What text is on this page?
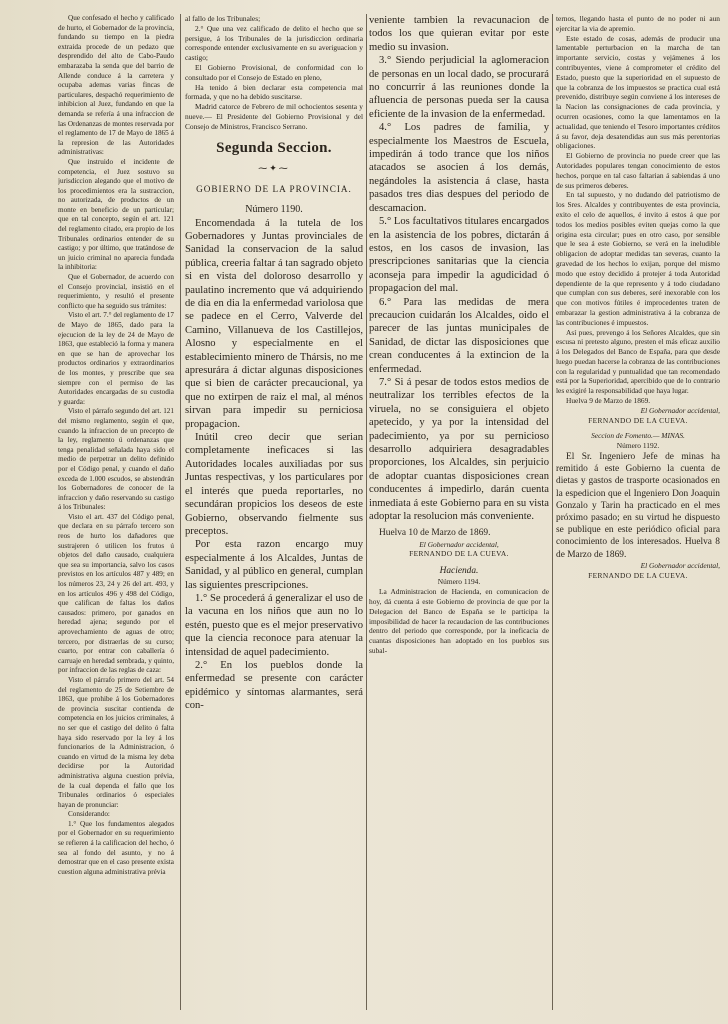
Que confesado el hecho y calificado de hurto, el Gobernador de la provincia, fundando su tiempo en la piedra extraida procede de un pedazo que desprendido del alto de Cabo-Paudo embarazaba la senda que del barrio de Allende conduce á la carretera y ocupaba ademas varias fincas de particulares, despachó requerimiento de inhibicion al Juez, fundando en que la demanda se refería á una infraccion de las Ordenanzas de montes reservada por el reglamento de 17 de Mayo de 1865 á la represion de las Autoridades administrativas:

Que instruido el incidente de competencia, el Juez sostuvo su jurisdiccion alegando que el motivo de los procedimientos era la sustraccion, no autorizada, de productos de un monte en beneficio de un particular; que en tal concepto, según el art. 121 del reglamento citado, era propio de los Tribunales ordinarios entender de su castigo; y por último, que tratándose de un juicio criminal no aparecia fundada la inhibitoria:

Que el Gobernador, de acuerdo con el Consejo provincial, insistió en el requerimiento, y resultó el presente conflicto que ha seguido sus trámites:

Visto el art. 7.° del reglamento de 17 de Mayo de 1865, dado para la ejecucion de la ley de 24 de Mayo de 1863, que estableció la forma y manera en que se han de aprovechar los productos ordinarios y extraordinarios de los montes, y prescribe que sea siempre con el permiso de las Autoridades encargadas de su custodia y guarda:

Visto el párrafo segundo del art. 121 del mismo reglamento, según el que, cuando la infraccion de un precepto de la ley, reglamento ú ordenanzas que tenga penalidad señalada haya sido el medio de perpetrar un delito definido por el Código penal, y cuando el daño exceda de 1.000 escudos, se abstendrán los Gobernadores de conocer de la infraccion y daño reservando su castigo á los Tribunales:

Visto el art. 437 del Código penal, que declara en su párrafo tercero son reos de hurto los dañadores que sustrajeren ó utilicen los frutos ú objetos del daño causado, cualquiera que sea su importancia, salvo los casos previstos en los artículos 487 y 489; en los números 23, 24 y 26 del art. 493, y en los artículos 496 y 498 del Código, que califican de faltas los daños causados: primero, por ganados en heredad ajena; segundo por el aprovechamiento de aguas de otro; tercero, por distraerlas de su curso; cuarto, por entrar con caballería ó carruaje en heredad sembrada, y quinto, por infraccion de las reglas de caza:

Visto el párrafo primero del art. 54 del reglamento de 25 de Setiembre de 1863, que prohibe á los Gobernadores de provincia suscitar contienda de competencia en los juicios criminales, á no ser que el castigo del delito ó falta haya sido reservado por la ley á los funcionarios de la Administracion, ó cuando en virtud de la misma ley deba decidirse por la Autoridad administrativa alguna cuestion prévia, de la cual dependa el fallo que los Tribunales ordinarios ó especiales hayan de pronunciar:

Considerando:

1.° Que los fundamentos alegados por el Gobernador en su requerimiento se refieren á la calificacion del hecho, ó sea al fondo del asunto, y no á demostrar que en el caso presente exista cuestion alguna administrativa prévia

al fallo de los Tribunales;

2.° Que una vez calificado de delito el hecho que se persigue, á los Tribunales de la jurisdiccion ordinaria corresponde entender exclusivamente en su averiguacion y castigo;

El Gobierno Provisional, de conformidad con lo consultado por el Consejo de Estado en pleno,

Ha tenido á bien declarar esta competencia mal formada, y que no ha debido suscitarse.

Madrid catorce de Febrero de mil ochocientos sesenta y nueve.— El Presidente del Gobierno Provisional y del Consejo de Ministros, Francisco Serrano.

Segunda Seccion.
⁓✦⁓
GOBIERNO DE LA PROVINCIA.
Número 1190.

Encomendada á la tutela de los Gobernadores y Juntas provinciales de Sanidad la conservacion de la salud pública, creeria faltar á tan sagrado objeto si en vista del doloroso desarrollo y paulatino incremento que vá adquiriendo de dia en dia la enfermedad variolosa que se padece en el Cerro, Valverde del Camino, Villanueva de los Castillejos, Alosno y especialmente en el establecimiento minero de Thársis, no me apresurára á dictar algunas disposiciones que si bien de carácter precaucional, ya que no extirpen de raiz el mal, al ménos sirvan para impedir su perniciosa propagacion.

Inútil creo decir que serian completamente ineficaces si las Autoridades locales auxiliadas por sus Juntas respectivas, y los particulares por el interés que pueda reportarles, no secundáran propicios los deseos de este Gobierno, observando fielmente sus preceptos.

Por esta razon encargo muy especialmente á los Alcaldes, Juntas de Sanidad, y al público en general, cumplan las siguientes prescripciones.

1.° Se procederá á generalizar el uso de la vacuna en los niños que aun no lo estén, puesto que es el mejor preservativo que la ciencia reconoce para atenuar la intensidad de aquel padecimiento.

2.° En los pueblos donde la enfermedad se presente con carácter epidémico y síntomas alarmantes, será con-

veniente tambien la revacunacion de todos los que quieran evitar por este medio su invasion.

3.° Siendo perjudicial la aglomeracion de personas en un local dado, se procurará no concurrir á las reuniones donde la afluencia de personas pueda ser la causa eficiente de la invasion de la enfermedad.

4.° Los padres de familia, y especialmente los Maestros de Escuela, impedirán á todo trance que los niños atacados se asocien á los demás, negándoles la asistencia á clase, hasta pasados tres dias despues del periodo de descamacion.

5.° Los facultativos titulares encargados en la asistencia de los pobres, dictarán á estos, en los casos de invasion, las prescripciones sanitarias que la ciencia aconseja para impedir la agudicidad ó propagacion del mal.

6.° Para las medidas de mera precaucion cuidarán los Alcaldes, oido el parecer de las juntas municipales de Sanidad, de dictar las disposiciones que crean conducentes á la extincion de la enfermedad.

7.° Si á pesar de todos estos medios de neutralizar los terribles efectos de la viruela, no se consiguiera el objeto apetecido, y ya por la intensidad del padecimiento, ya por su pernicioso desarrollo adquiriera desagradables proporciones, los Alcaldes, sin perjuicio de adoptar cuantas disposiciones crean conducentes á impedirlo, darán cuenta inmediata á este Gobierno para en su vista adoptar la resolucion más conveniente.

Huelva 10 de Marzo de 1869.

El Gobernador accidental,

FERNANDO DE LA CUEVA.

Hacienda.

Número 1194.

La Administracion de Hacienda, en comunicacion de hoy, dá cuenta á este Gobierno de provincia de que por la Delegacion del Banco de España se le participa la imposibilidad de hacer la recaudacion de las contribuciones dentro del periodo que corresponde, por la ineficacia de cuantas disposiciones han adoptado en los pueblos sus subal-

ternos, llegando hasta el punto de no poder ni aun ejercitar la via de apremio.

Este estado de cosas, además de producir una lamentable perturbacion en la marcha de tan importante servicio, costas y vejámenes á los contribuyentes, viene á comprometer el crédito del Estado, puesto que la superioridad en el supuesto de que la cobranza de los impuestos se practica cual está prevenido, distribuye según conviene á los intereses de la Nacion las consignaciones de cada provincia, y ocurren ocasiones, como la que lamentamos en la actualidad, que teniendo el Tesoro importantes créditos á su favor, deja desatendidas aun sus más perentorias obligaciones.

El Gobierno de provincia no puede creer que las Autoridades populares tengan conocimiento de estos hechos, porque en tal caso faltarian á sabiendas á uno de sus primeros deberes.

En tal supuesto, y no dudando del patriotismo de los Sres. Alcaldes y contribuyentes de esta provincia, exito el celo de aquellos, é invito á estos á que por todos los medios posibles eviten quejas como la que origina esta circular; pues en otro caso, por sensible que le sea á este Gobierno, se verá en la ineludible obligacion de adoptar medidas tan severas, cuanto la gravedad de los hechos lo exijan, porque del mismo modo que estoy decidido á protejer á toda Autoridad dependiente de la que represento y á todo ciudadano que cumplan con sus deberes, seré inexorable con los que con motivos fútiles é improcedentes traten de embarazar la gestion administrativa á la cobranza de las contribuciones é impuestos.

Así pues, prevengo á los Señores Alcaldes, que sin escusa ni pretesto alguno, presten el más eficaz auxilio á los Delegados del Banco de España, para que desde luego puedan hacerse la cobranza de las contribuciones con la regularidad y puntualidad que tan recomendado está por la Superioridad, apercibido que de lo contrario les exigiré la responsabilidad que haya lugar.

Huelva 9 de Marzo de 1869.

El Gobernador accidental,

FERNANDO DE LA CUEVA.

Seccion de Fomento.— MINAS.

Número 1192.

El Sr. Ingeniero Jefe de minas ha remitido á este Gobierno la cuenta de dietas y gastos de trasporte ocasionados en la espedicion que el Ingeniero Don Joaquin Gonzalo y Tarin ha practicado en el mes próximo pasado; en su virtud he dispuesto se publique en este periódico oficial para conocimiento de los interesados. Huelva 8 de Marzo de 1869.

El Gobernador accidental,

FERNANDO DE LA CUEVA.
